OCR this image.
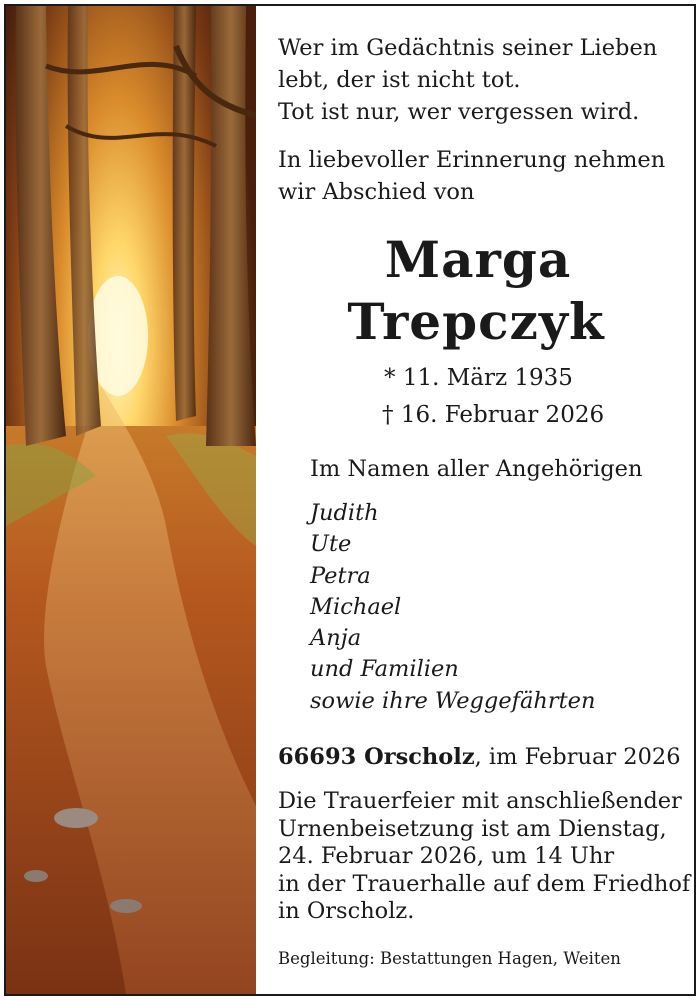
Wer im Gedächtnis seiner Lieben
lebt, der ist nicht tot.
Tot ist nur, wer vergessen wird.
In liebevoller Erinnerung nehmen
wir Abschied von
Marga
Trepczyk
* 11. März 1935
† 16. Februar 2026
Im Namen aller Angehörigen
Judith
Ute
Petra
Michael
Anja
und Familien
sowie ihre Weggefährten
66693 Orscholz, im Februar 2026
Die Trauerfeier mit anschließender
Urnenbeisetzung ist am Dienstag,
24. Februar 2026, um 14 Uhr
in der Trauerhalle auf dem Friedhof
in Orscholz.
Begleitung: Bestattungen Hagen, Weiten
